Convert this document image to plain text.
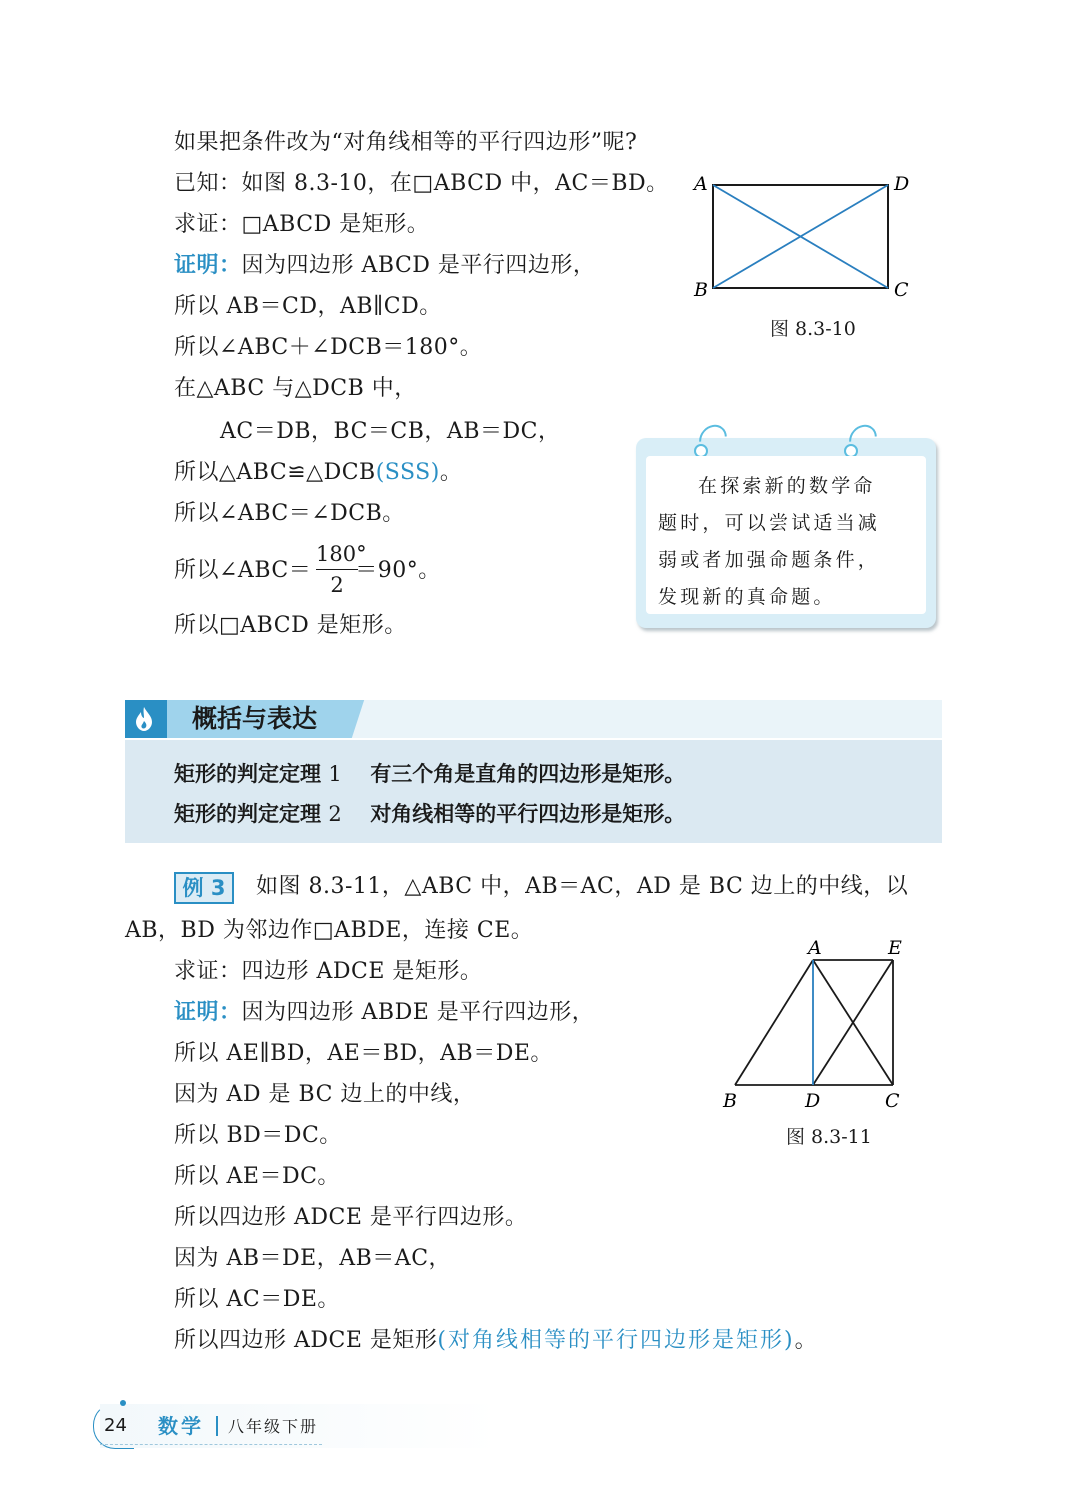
如果把条件改为“对角线相等的平行四边形”呢?
已知：如图 8.3-10，在□ABCD 中，AC＝BD。
求证：□ABCD 是矩形。
证明：因为四边形 ABCD 是平行四边形，
所以 AB＝CD，AB∥CD。
所以∠ABC＋∠DCB＝180°。
在△ABC 与△DCB 中，
AC＝DB，BC＝CB，AB＝DC，
所以△ABC≌△DCB(SSS)。
所以∠ABC＝∠DCB。
所以∠ABC＝ ＝90°。
$\frac{180^\circ}{2}$
所以□ABCD 是矩形。
A	D
B	C
图 8.3-10
在探索新的数学命题时，可以尝试适当减弱或者加强命题条件，发现新的真命题。
概括与表达
矩形的判定定理 1 有三个角是直角的四边形是矩形。
矩形的判定定理 2 对角线相等的平行四边形是矩形。
例 3	如图 8.3-11，△ABC 中，AB＝AC，AD 是 BC 边上的中线，以
AB，BD 为邻边作□ABDE，连接 CE。
求证：四边形 ADCE 是矩形。
证明：因为四边形 ABDE 是平行四边形，
所以 AE∥BD，AE＝BD，AB＝DE。
因为 AD 是 BC 边上的中线，
所以 BD＝DC。
所以 AE＝DC。
所以四边形 ADCE 是平行四边形。
因为 AB＝DE，AB＝AC，
所以 AC＝DE。
所以四边形 ADCE 是矩形(对角线相等的平行四边形是矩形)。
A	E
B	D	C
图 8.3-11
24 数学 八年级下册
